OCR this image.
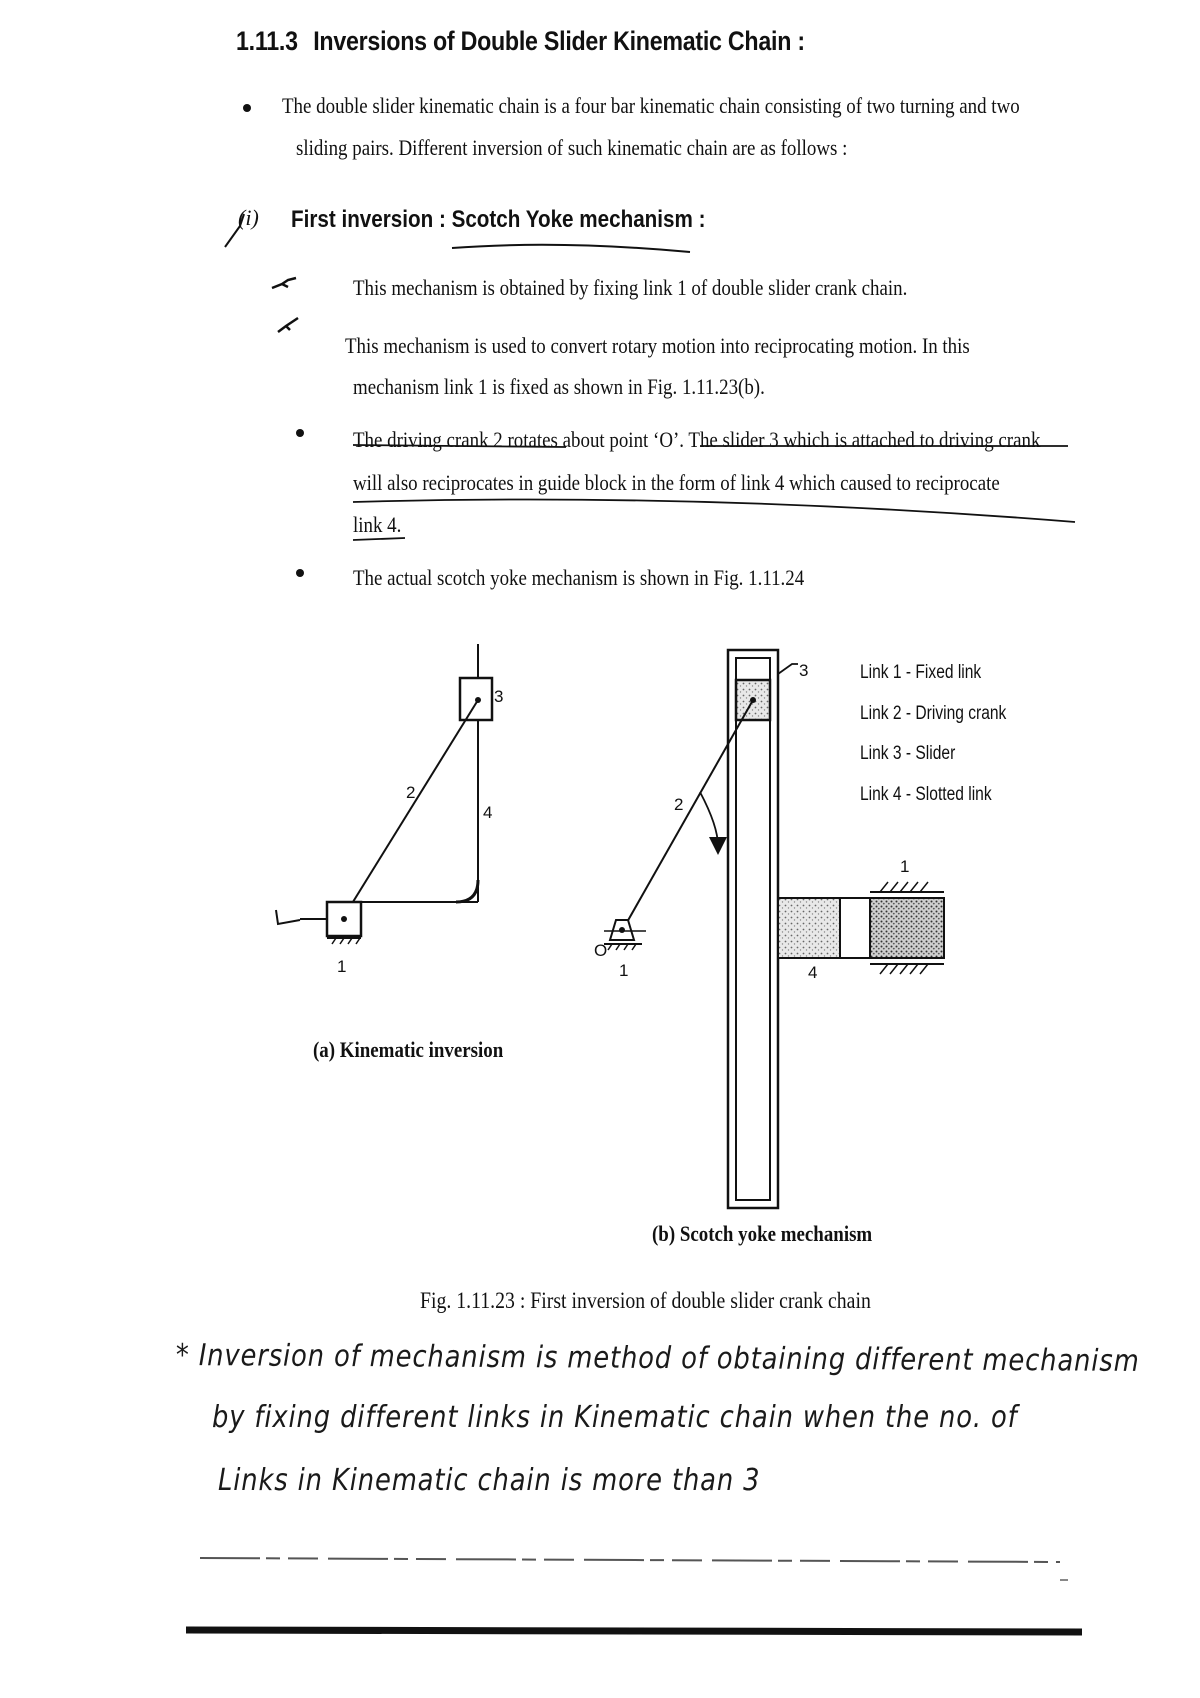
1.11.3 Inversions of Double Slider Kinematic Chain :
The double slider kinematic chain is a four bar kinematic chain consisting of two turning and two
sliding pairs. Different inversion of such kinematic chain are as follows :
(i) First inversion : Scotch Yoke mechanism :
This mechanism is obtained by fixing link 1 of double slider crank chain.
This mechanism is used to convert rotary motion into reciprocating motion. In this
mechanism link 1 is fixed as shown in Fig. 1.11.23(b).
The driving crank 2 rotates about point ‘O’. The slider 3 which is attached to driving crank
will also reciprocates in guide block in the form of link 4 which caused to reciprocate
link 4.
The actual scotch yoke mechanism is shown in Fig. 1.11.24
3
2
4
1
(a) Kinematic inversion
3
2
O
1	4
1
Link 1 - Fixed link
Link 2 - Driving crank
Link 3 - Slider
Link 4 - Slotted link
(b) Scotch yoke mechanism
Fig. 1.11.23 : First inversion of double slider crank chain
* Inversion of mechanism is method of obtaining different mechanism
by fixing different links in Kinematic chain when the no. of
Links in Kinematic chain is more than 3
